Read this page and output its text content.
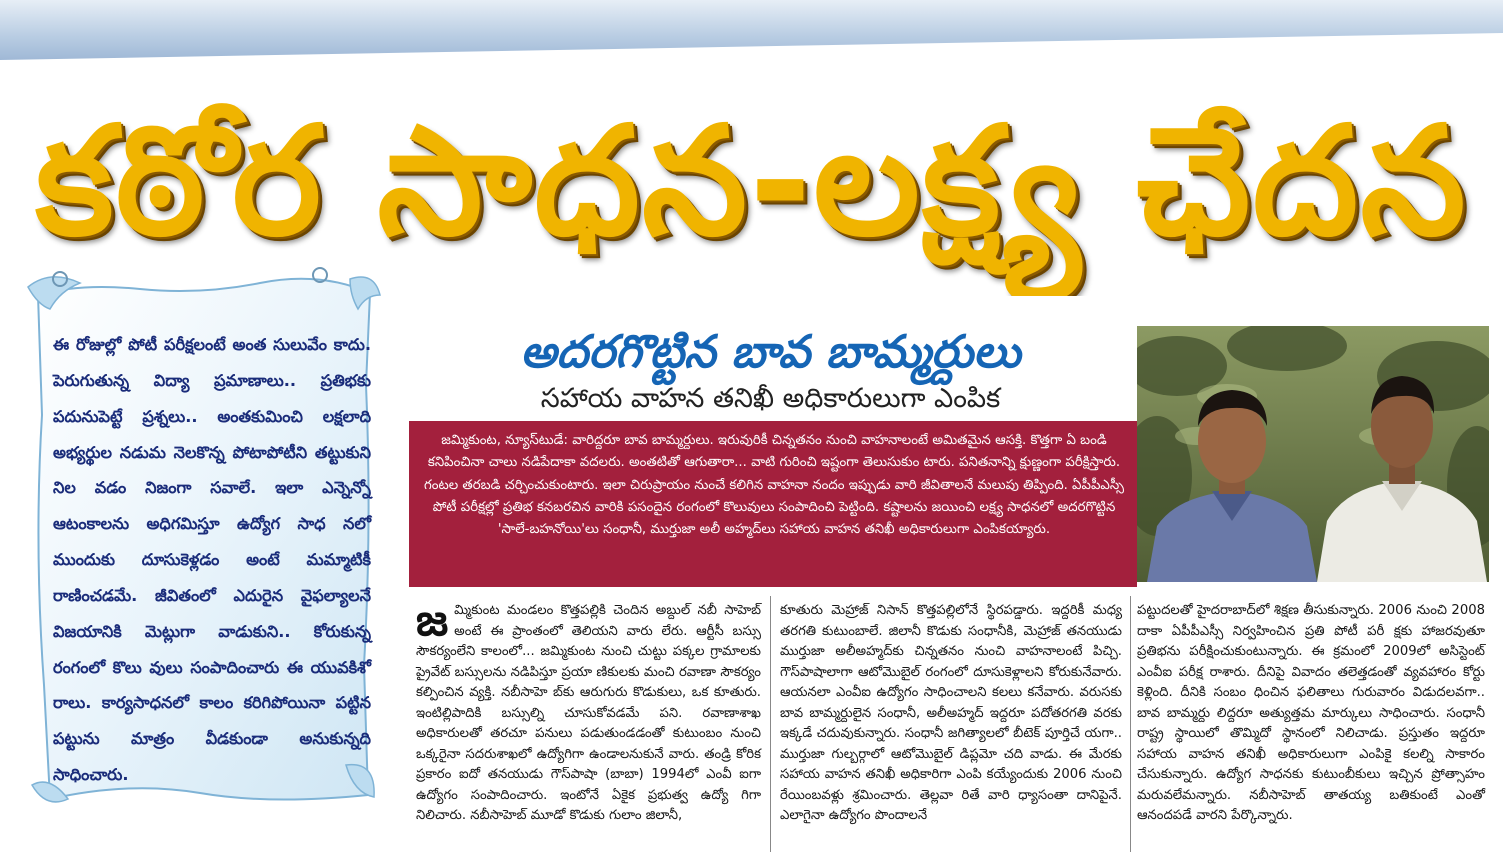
కఠోర సాధన-లక్ష్య ఛేదన
ఈ రోజుల్లో పోటీ పరీక్షలంటే అంత సులువేం కాదు. పెరుగుతున్న విద్యా ప్రమాణాలు.. ప్రతిభకు పదునుపెట్టే ప్రశ్నలు.. అంతకుమించి లక్షలాది అభ్యర్థుల నడుమ నెలకొన్న పోటాపోటీని తట్టుకుని నిల వడం నిజంగా సవాలే. ఇలా ఎన్నెన్నో ఆటంకాలను అధిగమిస్తూ ఉద్యోగ సాధ నలో ముందుకు దూసుకెళ్లడం అంటే మమ్మాటికీ రాణించడమే. జీవితంలో ఎదురైన వైఫల్యాలనే విజయానికి మెట్లుగా వాడుకుని.. కోరుకున్న రంగంలో కొలు వులు సంపాదించారు ఈ యువకిశో రాలు. కార్యసాధనలో కాలం కరిగిపోయినా పట్టిన పట్టును మాత్రం వీడకుండా అనుకున్నది సాధించారు.
అదరగొట్టిన బావ బామ్మర్దులు
సహాయ వాహన తనిఖీ అధికారులుగా ఎంపిక
జమ్మికుంట, న్యూస్‌టుడే: వారిద్దరూ బావ బామ్మర్దులు. ఇరువురికీ చిన్నతనం నుంచి వాహనాలంటే అమితమైన ఆసక్తి. కొత్తగా ఏ బండి కనిపించినా చాలు నడిపేదాకా వదలరు. అంతటితో ఆగుతారా... వాటి గురించి ఇష్టంగా తెలుసుకుం టారు. పనితనాన్ని క్షుణ్ణంగా పరీక్షిస్తారు. గంటల తరబడి చర్చించుకుంటారు. ఇలా చిరుప్రాయం నుంచే కలిగిన వాహనా నందం ఇప్పుడు వారి జీవితాలనే మలుపు తిప్పింది. ఏపీపీఎస్సీ పోటీ పరీక్షల్లో ప్రతిభ కనబరచిన వారికి పసందైన రంగంలో కొలువులు సంపాదించి పెట్టింది. కష్టాలను జయించి లక్ష్య సాధనలో అదరగొట్టిన 'సాలే-బహనోయి'లు సంధానీ, ముర్తుజా అలీ అహ్మద్‌లు సహాయ వాహన తనిఖీ అధికారులుగా ఎంపికయ్యారు.
జ మ్మికుంట మండలం కొత్తపల్లికి చెందిన అబ్దుల్ నబీ సాహెబ్ అంటే ఈ ప్రాంతంలో తెలియని వారు లేరు. ఆర్టీసీ బస్సు సౌకర్యంలేని కాలంలో... జమ్మికుంట నుంచి చుట్టు పక్కల గ్రామాలకు ప్రైవేట్ బస్సులను నడిపిస్తూ ప్రయా ణికులకు మంచి రవాణా సౌకర్యం కల్పించిన వ్యక్తి. నబీసాహె బ్‌కు ఆరుగురు కొడుకులు, ఒక కూతురు. ఇంటిల్లిపాదికి బస్సుల్ని చూసుకోవడమే పని. రవాణాశాఖ అధికారులతో తరచూ పనులు పడుతుండడంతో కుటుంబం నుంచి ఒక్కరైనా సదరుశాఖలో ఉద్యోగిగా ఉండాలనుకునే వారు. తండ్రి కోరిక ప్రకారం ఐదో తనయుడు గౌస్‌పాషా (బాబా) 1994లో ఎంవీ ఐగా ఉద్యోగం సంపాదించారు. ఇంటోనే ఏకైక ప్రభుత్వ ఉద్యో గిగా నిలిచారు. నబీసాహెబ్ మూడో కొడుకు గులాం జిలానీ,
కూతురు మెహ్రాజ్ నిసాన్ కొత్తపల్లిలోనే స్థిరపడ్డారు. ఇద్దరికీ మధ్య తరగతి కుటుంబాలే. జిలానీ కొడుకు సంధానీకి, మెహ్రాజ్ తనయుడు ముర్తుజా అలీఅహ్మద్‌కు చిన్నతనం నుంచి వాహనాలంటే పిచ్చి. గౌస్‌పాషాలాగా ఆటోమొబైల్ రంగంలో దూసుకెళ్లాలని కోరుకునేవారు. ఆయనలా ఎంవీఐ ఉద్యోగం సాధించాలని కలలు కనేవారు. వరుసకు బావ బామ్మర్దులైన సంధానీ, అలీఅహ్మద్ ఇద్దరూ పదోతరగతి వరకు ఇక్కడే చదువుకున్నారు. సంధానీ జగిత్యాలలో బీటెక్ పూర్తిచే యగా.. ముర్తుజా గుల్బర్గాలో ఆటోమొబైల్ డిప్లమో చది వాడు. ఈ మేరకు సహాయ వాహన తనిఖీ అధికారిగా ఎంపి కయ్యేందుకు 2006 నుంచి రేయింబవళ్లు శ్రమించారు. తెల్లవా రితే వారి ధ్యాసంతా దానిపైనే. ఎలాగైనా ఉద్యోగం పొందాలనే
పట్టుదలతో హైదరాబాద్‌లో శిక్షణ తీసుకున్నారు. 2006 నుంచి 2008 దాకా ఏపీపీఎస్సీ నిర్వహించిన ప్రతి పోటీ పరీ క్షకు హాజరవుతూ ప్రతిభను పరీక్షించుకుంటున్నారు. ఈ క్రమంలో 2009లో అసిస్టెంట్ ఎంవీఐ పరీక్ష రాశారు. దీనిపై వివాదం తలెత్తడంతో వ్యవహారం కోర్టు కెళ్లింది. దీనికి సంబం ధించిన ఫలితాలు గురువారం విడుదలవగా.. బావ బామ్మర్దు లిద్దరూ అత్యుత్తమ మార్కులు సాధించారు. సంధానీ రాష్ట్ర స్థాయిలో తొమ్మిదో స్థానంలో నిలిచాడు. ప్రస్తుతం ఇద్దరూ సహాయ వాహన తనిఖీ అధికారులుగా ఎంపికై కలల్ని సాకారం చేసుకున్నారు. ఉద్యోగ సాధనకు కుటుంబీకులు ఇచ్చిన ప్రోత్సాహం మరువలేమన్నారు. నబీసాహెబ్ తాతయ్య బతికుంటే ఎంతో ఆనందపడే వారని పేర్కొన్నారు.
